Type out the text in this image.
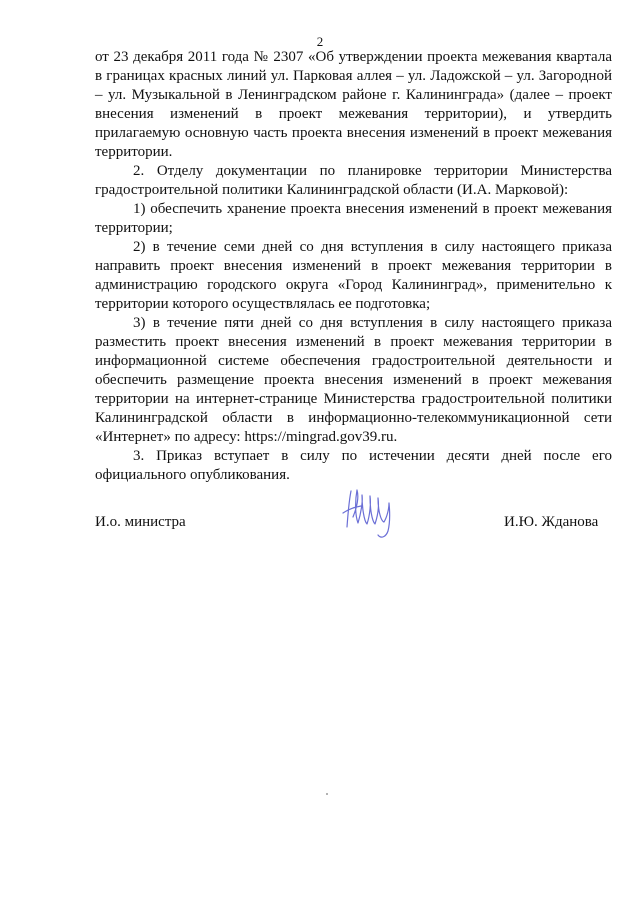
2

от 23 декабря 2011 года № 2307 «Об утверждении проекта межевания квартала в границах красных линий ул. Парковая аллея – ул. Ладожской – ул. Загородной – ул. Музыкальной в Ленинградском районе г. Калининграда» (далее – проект внесения изменений в проект межевания территории), и утвердить прилагаемую основную часть проекта внесения изменений в проект межевания территории.

2. Отделу документации по планировке территории Министерства градостроительной политики Калининградской области (И.А. Марковой):

1) обеспечить хранение проекта внесения изменений в проект межевания территории;

2) в течение семи дней со дня вступления в силу настоящего приказа направить проект внесения изменений в проект межевания территории в администрацию городского округа «Город Калининград», применительно к территории которого осуществлялась ее подготовка;

3) в течение пяти дней со дня вступления в силу настоящего приказа разместить проект внесения изменений в проект межевания территории в информационной системе обеспечения градостроительной деятельности и обеспечить размещение проекта внесения изменений в проект межевания территории на интернет-странице Министерства градостроительной политики Калининградской области в информационно-телекоммуникационной сети «Интернет» по адресу: https://mingrad.gov39.ru.

3. Приказ вступает в силу по истечении десяти дней после его официального опубликования.

И.о. министра	И.Ю. Жданова
